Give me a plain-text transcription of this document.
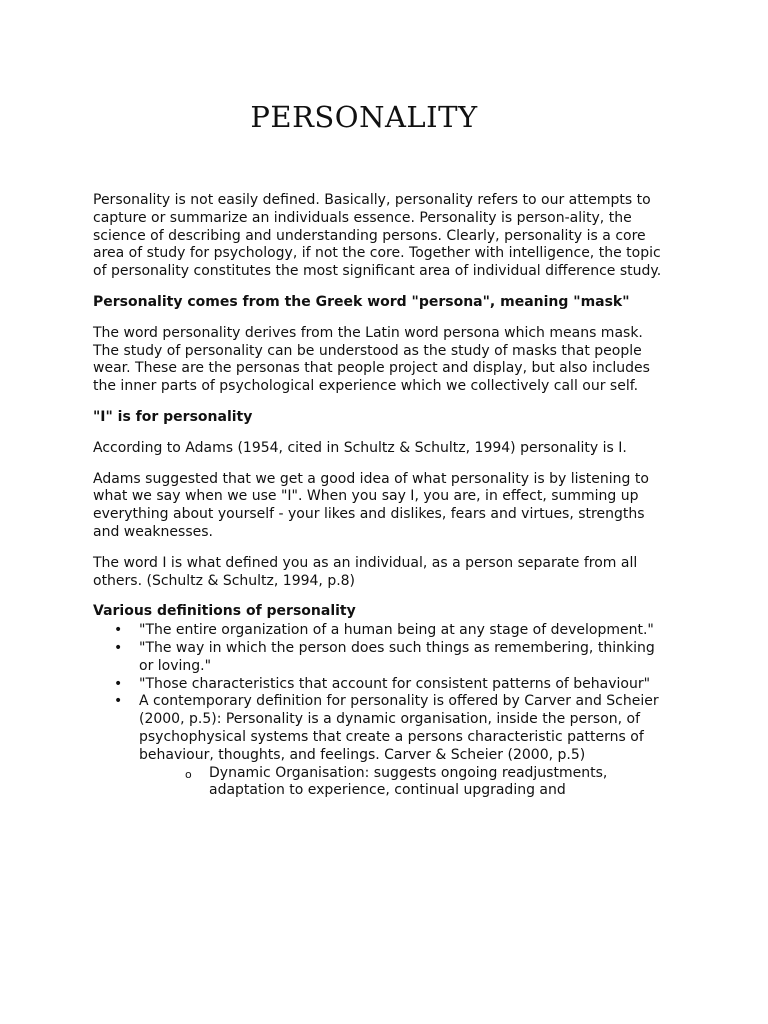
PERSONALITY

Personality is not easily defined. Basically, personality refers to our attempts to capture or summarize an individuals essence. Personality is person-ality, the science of describing and understanding persons. Clearly, personality is a core area of study for psychology, if not the core. Together with intelligence, the topic of personality constitutes the most significant area of individual difference study.

Personality comes from the Greek word "persona", meaning "mask"

The word personality derives from the Latin word persona which means mask. The study of personality can be understood as the study of masks that people wear. These are the personas that people project and display, but also includes the inner parts of psychological experience which we collectively call our self.

"I" is for personality

According to Adams (1954, cited in Schultz & Schultz, 1994) personality is I.

Adams suggested that we get a good idea of what personality is by listening to what we say when we use "I". When you say I, you are, in effect, summing up everything about yourself - your likes and dislikes, fears and virtues, strengths and weaknesses.

The word I is what defined you as an individual, as a person separate from all others. (Schultz & Schultz, 1994, p.8)

Various definitions of personality
• "The entire organization of a human being at any stage of development."
• "The way in which the person does such things as remembering, thinking or loving."
• "Those characteristics that account for consistent patterns of behaviour"
• A contemporary definition for personality is offered by Carver and Scheier (2000, p.5): Personality is a dynamic organisation, inside the person, of psychophysical systems that create a persons characteristic patterns of behaviour, thoughts, and feelings. Carver & Scheier (2000, p.5)
o Dynamic Organisation: suggests ongoing readjustments, adaptation to experience, continual upgrading and
